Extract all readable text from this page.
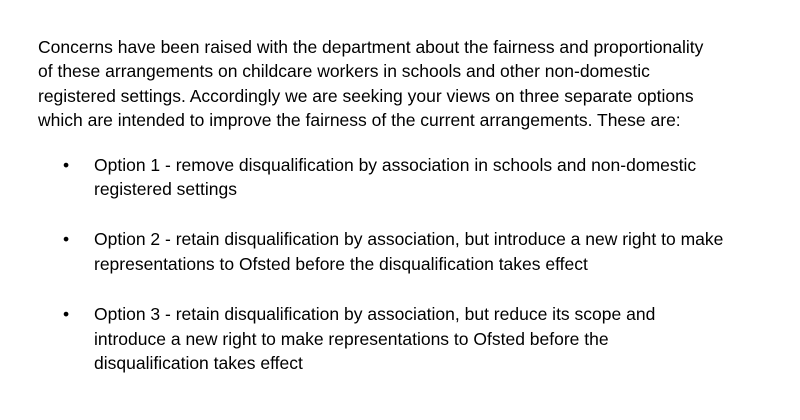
Concerns have been raised with the department about the fairness and proportionality
of these arrangements on childcare workers in schools and other non-domestic
registered settings. Accordingly we are seeking your views on three separate options
which are intended to improve the fairness of the current arrangements. These are:

• Option 1 - remove disqualification by association in schools and non-domestic
registered settings
• Option 2 - retain disqualification by association, but introduce a new right to make
representations to Ofsted before the disqualification takes effect
• Option 3 - retain disqualification by association, but reduce its scope and
introduce a new right to make representations to Ofsted before the
disqualification takes effect
